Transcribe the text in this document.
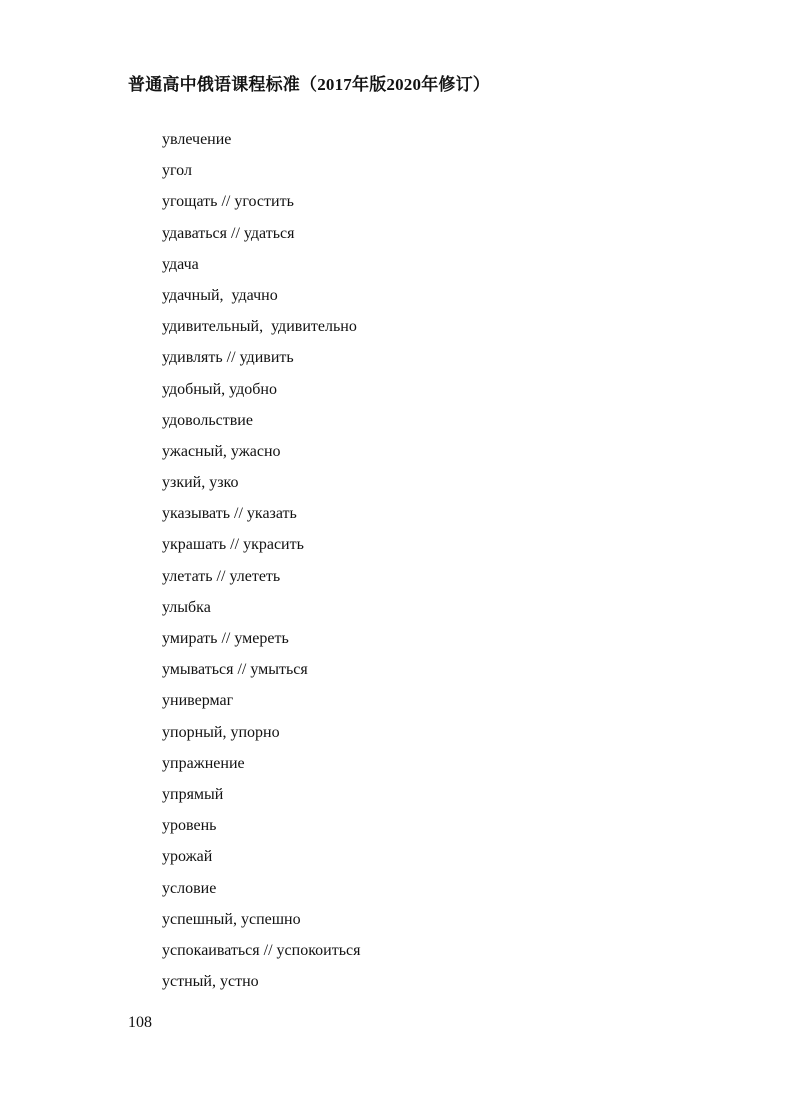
普通高中俄语课程标准（2017年版2020年修订）
увлечение
угол
угощать // угостить
удаваться // удаться
удача
удачный,  удачно
удивительный,  удивительно
удивлять // удивить
удобный, удобно
удовольствие
ужасный, ужасно
узкий, узко
указывать // указать
украшать // украсить
улетать // улететь
улыбка
умирать // умереть
умываться // умыться
универмаг
упорный, упорно
упражнение
упрямый
уровень
урожай
условие
успешный, успешно
успокаиваться // успокоиться
устный, устно
108
